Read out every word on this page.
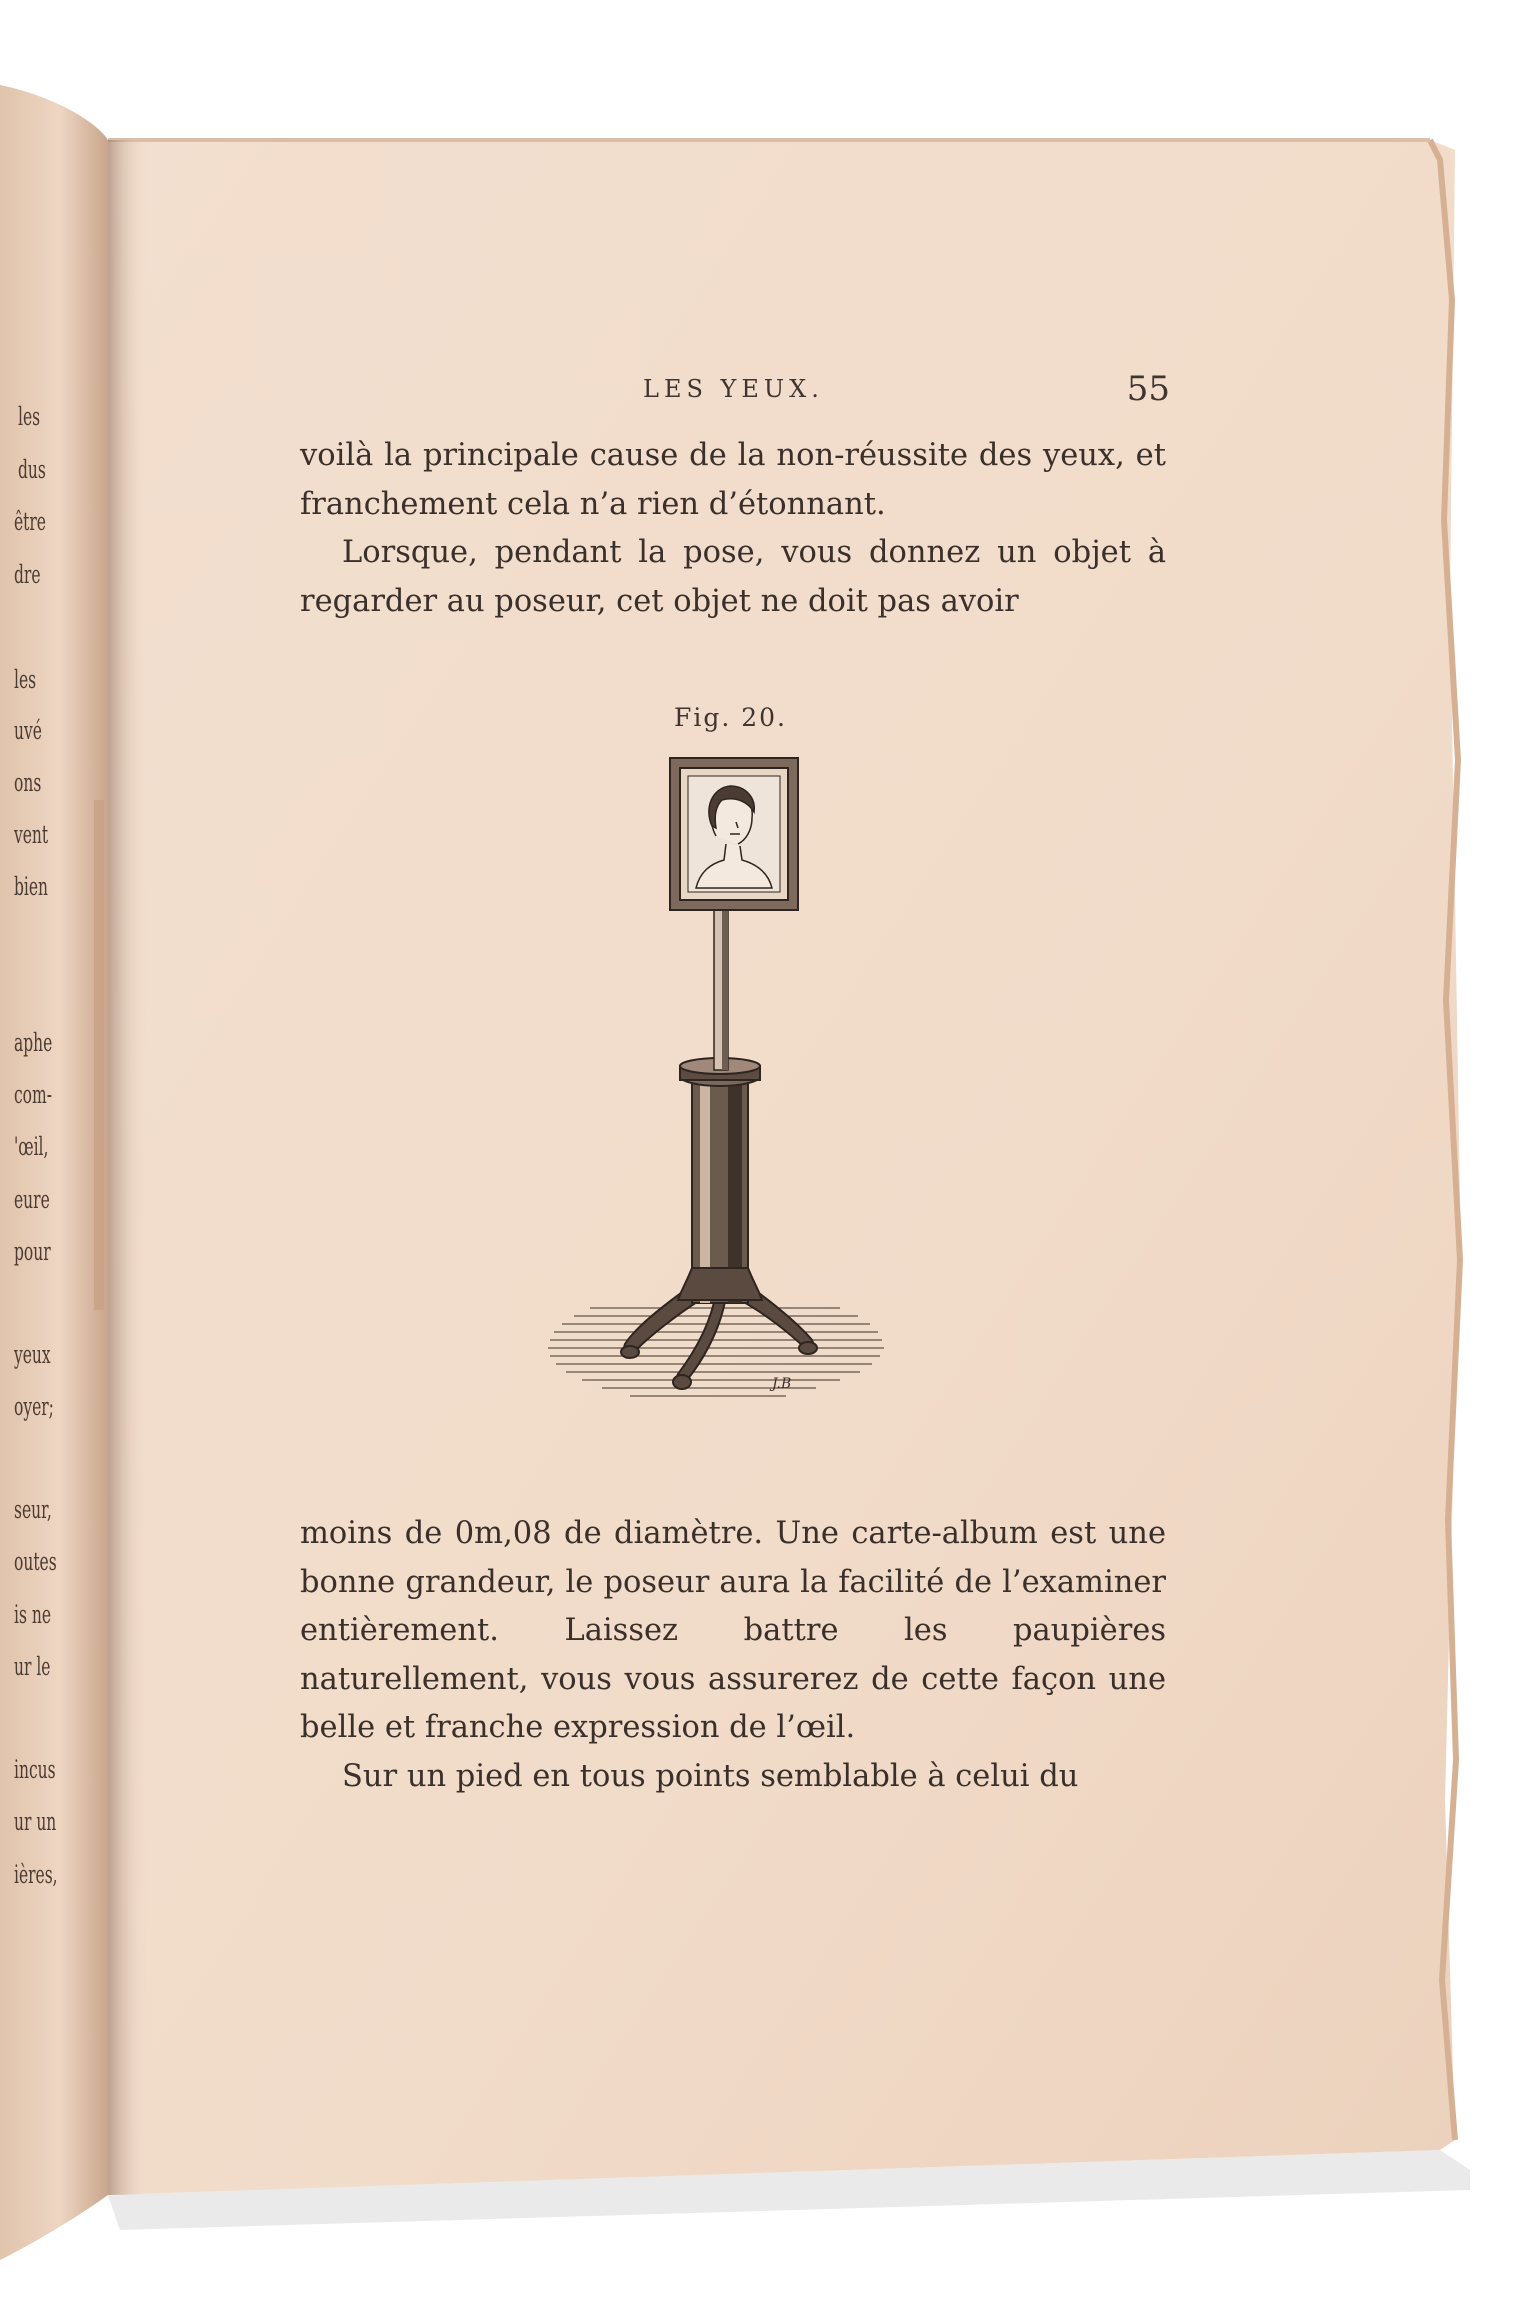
les
dus
être
dre
les
uvé
ons
vent
bien
aphe
com-
'œil,
eure
pour
yeux
oyer;
seur,
outes
is ne
ur le
incus
ur un
ières,
LES YEUX.	55

voilà la principale cause de la non-réussite des yeux, et franchement cela n’a rien d’étonnant.

Lorsque, pendant la pose, vous donnez un objet à regarder au poseur, cet objet ne doit pas avoir

Fig. 20.
J.B

moins de 0m,08 de diamètre. Une carte-album est une bonne grandeur, le poseur aura la facilité de l’examiner entièrement. Laissez battre les paupières naturellement, vous vous assurerez de cette façon une belle et franche expression de l’œil.

Sur un pied en tous points semblable à celui du
